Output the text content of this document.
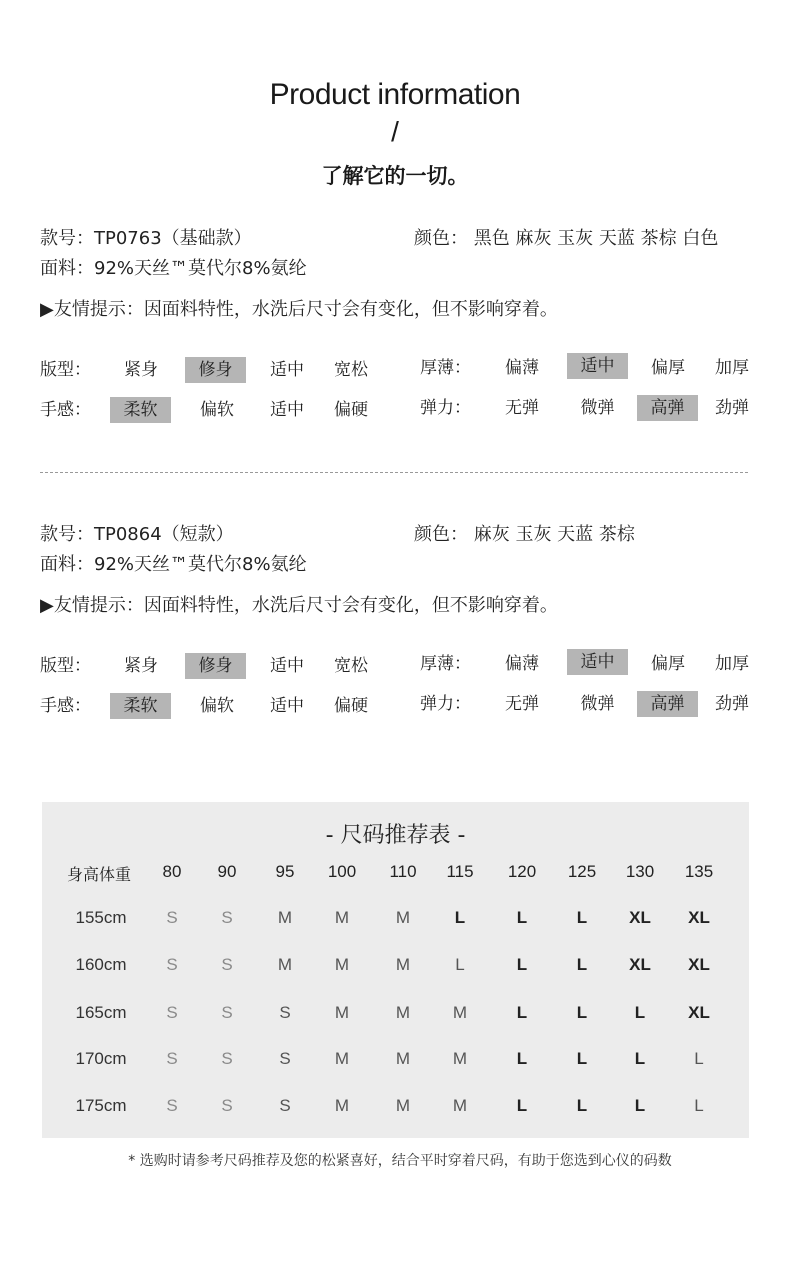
Product information
/
了解它的一切。
款号：TP0763（基础款）	颜色： 黑色 麻灰 玉灰 天蓝 茶棕 白色
面料：92%天丝™莫代尔8%氨纶
▶友情提示：因面料特性，水洗后尺寸会有变化，但不影响穿着。
版型：	紧身	修身	适中	宽松	厚薄：	偏薄	适中	偏厚	加厚
手感：	柔软	偏软	适中	偏硬	弹力：	无弹	微弹	高弹	劲弹
款号：TP0864（短款）	颜色： 麻灰 玉灰 天蓝 茶棕
面料：92%天丝™莫代尔8%氨纶
▶友情提示：因面料特性，水洗后尺寸会有变化，但不影响穿着。
版型：	紧身	修身	适中	宽松	厚薄：	偏薄	适中	偏厚	加厚
手感：	柔软	偏软	适中	偏硬	弹力：	无弹	微弹	高弹	劲弹
- 尺码推荐表 -
身高体重	80	90	95	100	110	115	120	125	130	135
155cm	S	S	M	M	M	L	L	L	XL	XL
160cm	S	S	M	M	M	L	L	L	XL	XL
165cm	S	S	S	M	M	M	L	L	L	XL
170cm	S	S	S	M	M	M	L	L	L	L
175cm	S	S	S	M	M	M	L	L	L	L
* 选购时请参考尺码推荐及您的松紧喜好，结合平时穿着尺码，有助于您选到心仪的码数
